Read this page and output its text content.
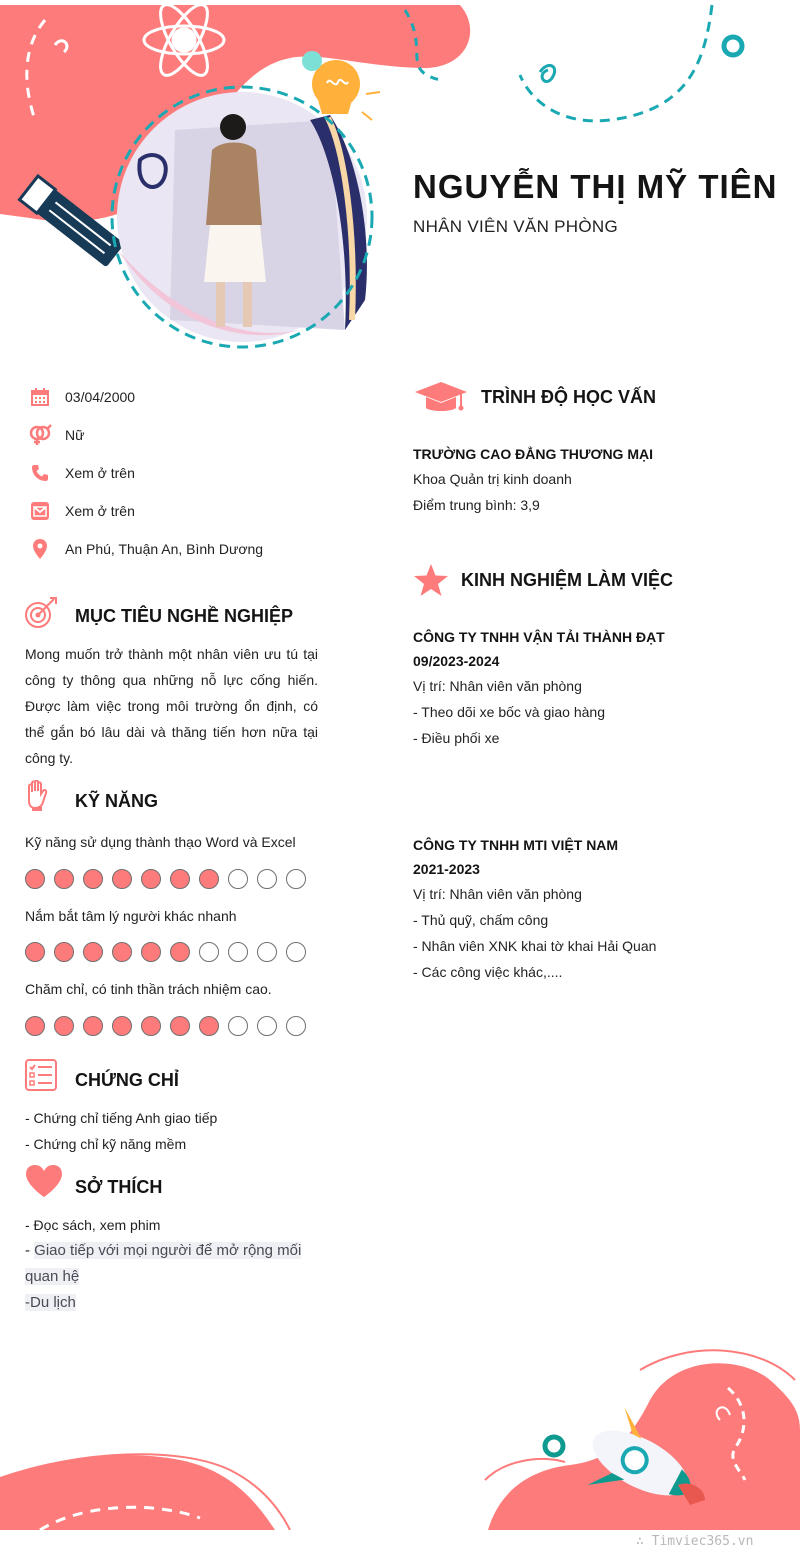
NGUYỄN THỊ MỸ TIÊN
NHÂN VIÊN VĂN PHÒNG
03/04/2000
Nữ
Xem ở trên
Xem ở trên
An Phú, Thuận An, Bình Dương
MỤC TIÊU NGHỀ NGHIỆP
Mong muốn trở thành một nhân viên ưu tú tại công ty thông qua những nỗ lực cống hiến. Được làm việc trong môi trường ổn định, có thể gắn bó lâu dài và thăng tiến hơn nữa tại công ty.
KỸ NĂNG
Kỹ năng sử dụng thành thạo Word và Excel
Nắm bắt tâm lý người khác nhanh
Chăm chỉ, có tinh thần trách nhiệm cao.
CHỨNG CHỈ
- Chứng chỉ tiếng Anh giao tiếp
- Chứng chỉ kỹ năng mềm
SỞ THÍCH
- Đọc sách, xem phim
- Giao tiếp với mọi người để mở rộng mối
quan hệ
-Du lịch
TRÌNH ĐỘ HỌC VẤN
TRƯỜNG CAO ĐẲNG THƯƠNG MẠI
Khoa Quản trị kinh doanh
Điểm trung bình: 3,9
KINH NGHIỆM LÀM VIỆC
CÔNG TY TNHH VẬN TẢI THÀNH ĐẠT
09/2023-2024
Vị trí: Nhân viên văn phòng
- Theo dõi xe bốc và giao hàng
- Điều phối xe
CÔNG TY TNHH MTI VIỆT NAM
2021-2023
Vị trí: Nhân viên văn phòng
- Thủ quỹ, chấm công
- Nhân viên XNK khai tờ khai Hải Quan
- Các công việc khác,....
∴ Timviec365.vn
